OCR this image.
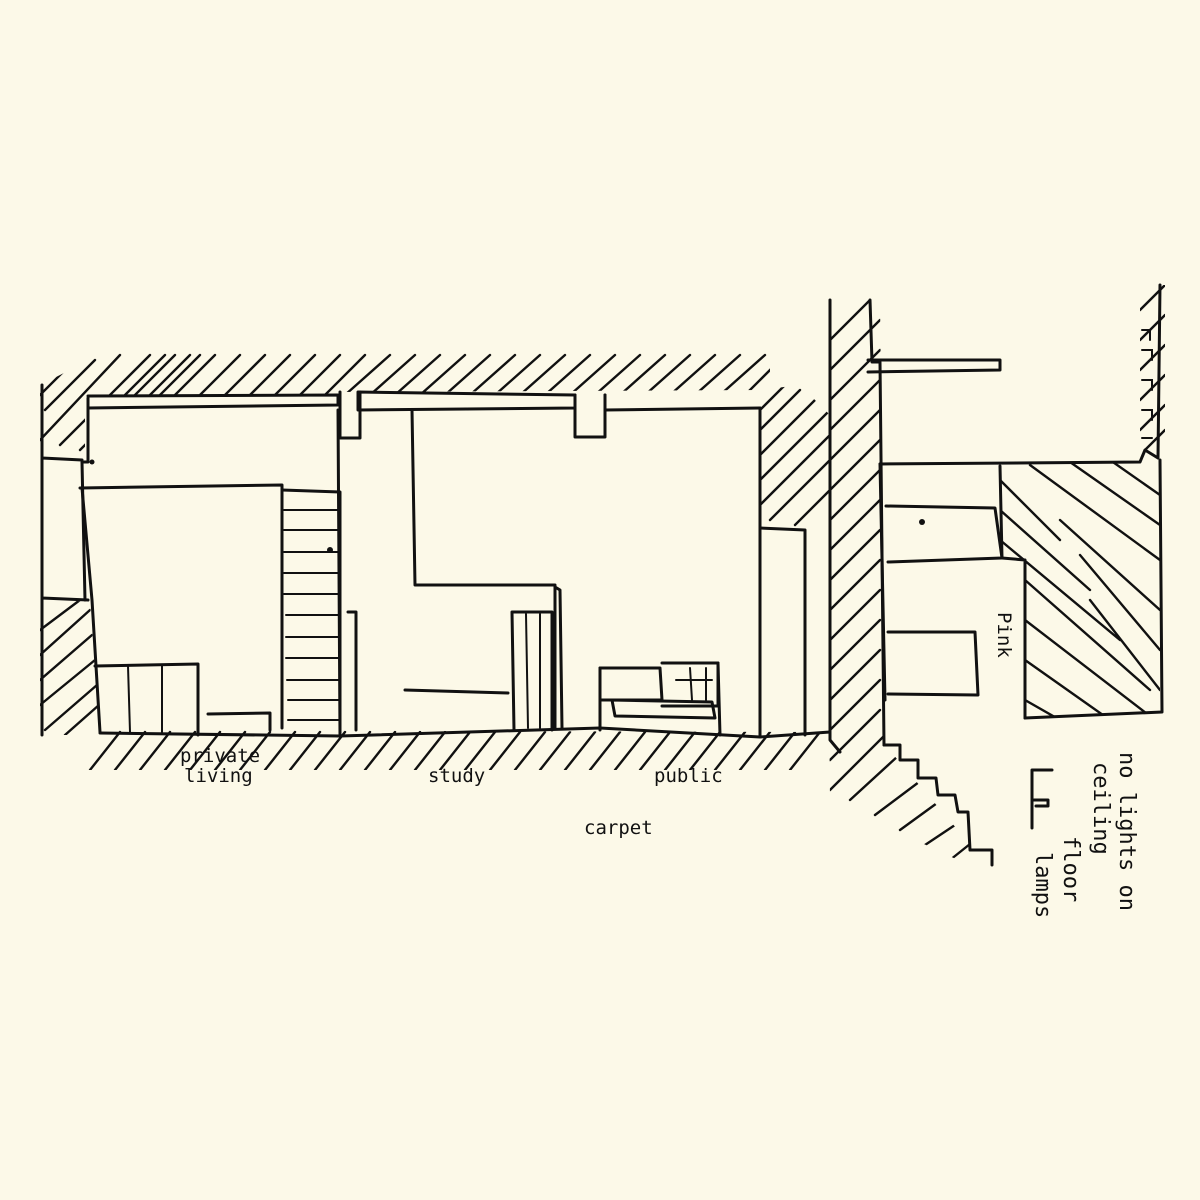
private
living	study	public
carpet
Pink
no lights on
ceiling
floor
lamps
